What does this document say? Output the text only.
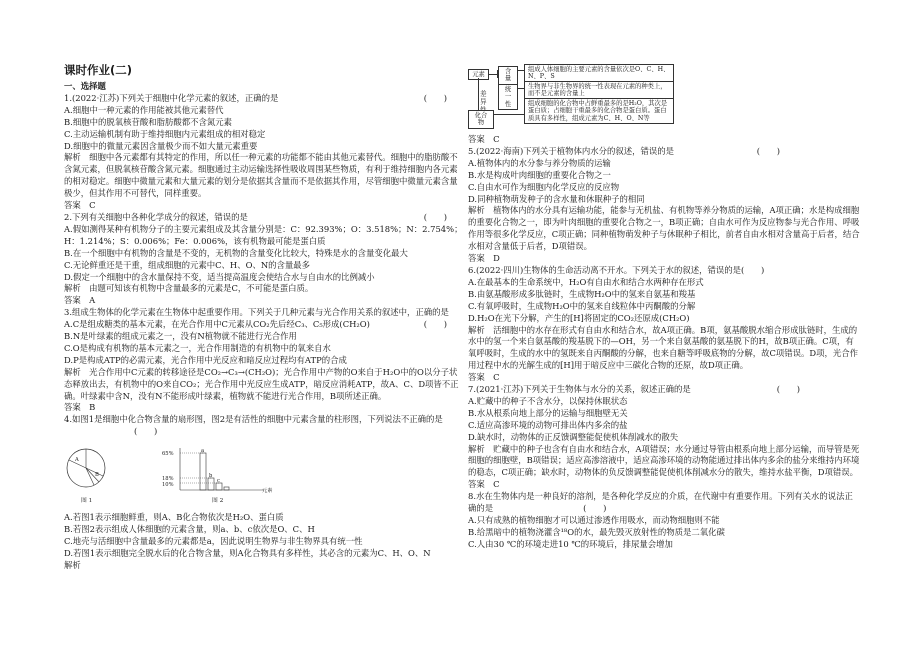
课时作业(二)

一、选择题

1.(2022·江苏)下列关于细胞中化学元素的叙述，正确的是	(　　)

A.细胞中一种元素的作用能被其他元素替代

B.细胞中的脱氧核苷酸和脂肪酸都不含氮元素

C.主动运输机制有助于维持细胞内元素组成的相对稳定

D.细胞中的微量元素因含量极少而不如大量元素重要

解析　细胞中各元素都有其特定的作用，所以任一种元素的功能都不能由其他元素替代。细胞中的脂肪酸不含氮元素，但脱氧核苷酸含氮元素。细胞通过主动运输选择性吸收周围某些物质，有利于维持细胞内各元素的相对稳定。细胞中微量元素和大量元素的划分是依据其含量而不是依据其作用，尽管细胞中微量元素含量极少，但其作用不可替代，同样重要。

答案　C

2.下列有关细胞中各种化学成分的叙述，错误的是	(　　)

A.假如测得某种有机物分子的主要元素组成及其含量分别是：C：92.393%；O：3.518%；N：2.754%；H：1.214%；S：0.006%；Fe：0.006%，该有机物最可能是蛋白质

B.在一个细胞中有机物的含量是不变的，无机物的含量变化比较大，特殊是水的含量变化最大

C.无论鲜重还是干重，组成细胞的元素中C、H、O、N的含量最多

D.假定一个细胞中的含水量保持不变，适当提高温度会使结合水与自由水的比例减小

解析　由题可知该有机物中含量最多的元素是C，不可能是蛋白质。

答案　A

3.组成生物体的化学元素在生物体中起重要作用。下列关于几种元素与光合作用关系的叙述中，正确的是
(　　)

A.C是组成糖类的基本元素，在光合作用中C元素从CO₂先后经C₃、C₅形成(CH₂O)

B.N是叶绿素的组成元素之一，没有N植物就不能进行光合作用

C.O是构成有机物的基本元素之一，光合作用制造的有机物中的氧来自水

D.P是构成ATP的必需元素，光合作用中光反应和暗反应过程均有ATP的合成

解析　光合作用中C元素的转移途径是CO₂→C₃→(CH₂O)；光合作用中产物的O来自于H₂O中的O以分子状态释放出去，有机物中的O来自CO₂；光合作用中光反应生成ATP，暗反应消耗ATP，故A、C、D项皆不正确。叶绿素中含N，没有N不能形成叶绿素，植物就不能进行光合作用，B项所述正确。

答案　B

4.如图1是细胞中化合物含量的扇形图，图2是有活性的细胞中元素含量的柱形图，下列说法不正确的是(　　)

A
B
图 1
65%
18%
10%
a
b
c
元素
图 2

A.若图1表示细胞鲜重，则A、B化合物依次是H₂O、蛋白质

B.若图2表示组成人体细胞的元素含量，则a、b、c依次是O、C、H

C.地壳与活细胞中含量最多的元素都是a，因此说明生物界与非生物界具有统一性

D.若图1表示细胞完全脱水后的化合物含量，则A化合物具有多样性，其必含的元素为C、H、O、N

解析

元素	含量
组成人体细胞的主要元素的含量依次是O、C、H、N、P、S
统一性
生物界与非生物界的统一性表现在元素的种类上，而不是元素的含量上
差异
化合物
组成细胞的化合物中占鲜重最多的是H₂O，其次是蛋白质；占细胞干重最多的化合物是蛋白质。蛋白质具有多样性，组成元素为C、H、O、N等

答案　C

5.(2022·海南)下列关于植物体内水分的叙述，错误的是	(　　)

A.植物体内的水分参与养分物质的运输

B.水是构成叶肉细胞的重要化合物之一

C.自由水可作为细胞内化学反应的反应物

D.同种植物萌发种子的含水量和休眠种子的相同

解析　植物体内的水分具有运输功能，能参与无机盐、有机物等养分物质的运输，A项正确；水是构成细胞的重要化合物之一，即为叶肉细胞的重要化合物之一，B项正确；自由水可作为反应物参与光合作用、呼吸作用等很多化学反应，C项正确；同种植物萌发种子与休眠种子相比，前者自由水相对含量高于后者，结合水相对含量低于后者，D项错误。

答案　D

6.(2022·四川)生物体的生命活动离不开水。下列关于水的叙述，错误的是(　　)

A.在最基本的生命系统中，H₂O有自由水和结合水两种存在形式

B.由氨基酸形成多肽链时，生成物H₂O中的氢来自氨基和羧基

C.有氧呼吸时，生成物H₂O中的氢来自线粒体中丙酮酸的分解

D.H₂O在光下分解，产生的[H]将固定的CO₂还原成(CH₂O)

解析　活细胞中的水存在形式有自由水和结合水，故A项正确。B项，氨基酸脱水缩合形成肽链时，生成的水中的氢一个来自氨基酸的羧基脱下的—OH，另一个来自氨基酸的氨基脱下的H，故B项正确。C项，有氧呼吸时，生成的水中的氢既来自丙酮酸的分解，也来自糖等呼吸底物的分解，故C项错误。D项，光合作用过程中水的光解生成的[H]用于暗反应中三碳化合物的还原，故D项正确。

答案　C

7.(2021·江苏)下列关于生物体与水分的关系，叙述正确的是	(　　)

A.贮藏中的种子不含水分，以保持休眠状态

B.水从根系向地上部分的运输与细胞壁无关

C.适应高渗环境的动物可排出体内多余的盐

D.缺水时，动物体的正反馈调整能促使机体削减水的散失

解析　贮藏中的种子也含有自由水和结合水，A项错误；水分通过导管由根系向地上部分运输，而导管是死细胞的细胞壁，B项错误；适应高渗溶液中，适应高渗环境的动物能通过排出体内多余的盐分来维持内环境的稳态，C项正确；缺水时，动物体的负反馈调整能促使机体削减水分的散失，维持水盐平衡，D项错误。

答案　C

8.水在生物体内是一种良好的溶剂，是各种化学反应的介质，在代谢中有重要作用。下列有关水的说法正确的是	(　　)

A.只有成熟的植物细胞才可以通过渗透作用吸水，而动物细胞则不能

B.给黑暗中的植物浇灌含¹⁸O的水，最先毁灭放射性的物质是二氧化碳

C.人由30 ℃的环境走进10 ℃的环境后，排尿量会增加
